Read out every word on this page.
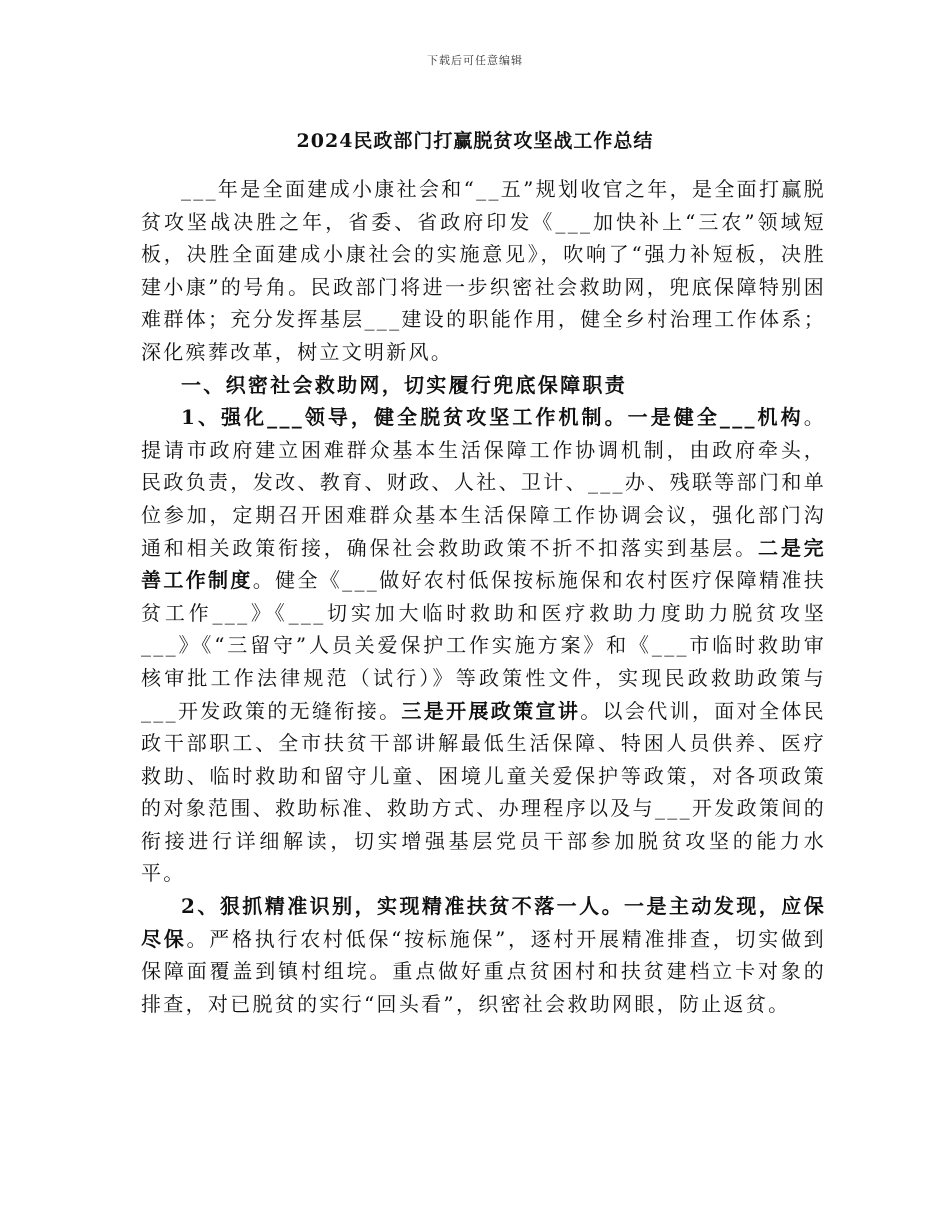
下载后可任意编辑
2024民政部门打赢脱贫攻坚战工作总结

___年是全面建成小康社会和“__五”规划收官之年，是全面打赢脱贫攻坚战决胜之年，省委、省政府印发《___加快补上“三农”领域短板，决胜全面建成小康社会的实施意见》，吹响了“强力补短板，决胜建小康”的号角。民政部门将进一步织密社会救助网，兜底保障特别困难群体；充分发挥基层___建设的职能作用，健全乡村治理工作体系；深化殡葬改革，树立文明新风。

一、织密社会救助网，切实履行兜底保障职责

1、强化___领导，健全脱贫攻坚工作机制。一是健全___机构。提请市政府建立困难群众基本生活保障工作协调机制，由政府牵头，民政负责，发改、教育、财政、人社、卫计、___办、残联等部门和单位参加，定期召开困难群众基本生活保障工作协调会议，强化部门沟通和相关政策衔接，确保社会救助政策不折不扣落实到基层。二是完善工作制度。健全《___做好农村低保按标施保和农村医疗保障精准扶贫工作___》《___切实加大临时救助和医疗救助力度助力脱贫攻坚___》《“三留守”人员关爱保护工作实施方案》和《___市临时救助审核审批工作法律规范（试行）》等政策性文件，实现民政救助政策与___开发政策的无缝衔接。三是开展政策宣讲。以会代训，面对全体民政干部职工、全市扶贫干部讲解最低生活保障、特困人员供养、医疗救助、临时救助和留守儿童、困境儿童关爱保护等政策，对各项政策的对象范围、救助标准、救助方式、办理程序以及与___开发政策间的衔接进行详细解读，切实增强基层党员干部参加脱贫攻坚的能力水平。

2、狠抓精准识别，实现精准扶贫不落一人。一是主动发现，应保尽保。严格执行农村低保“按标施保”，逐村开展精准排查，切实做到保障面覆盖到镇村组垸。重点做好重点贫困村和扶贫建档立卡对象的排查，对已脱贫的实行“回头看”，织密社会救助网眼，防止返贫。
